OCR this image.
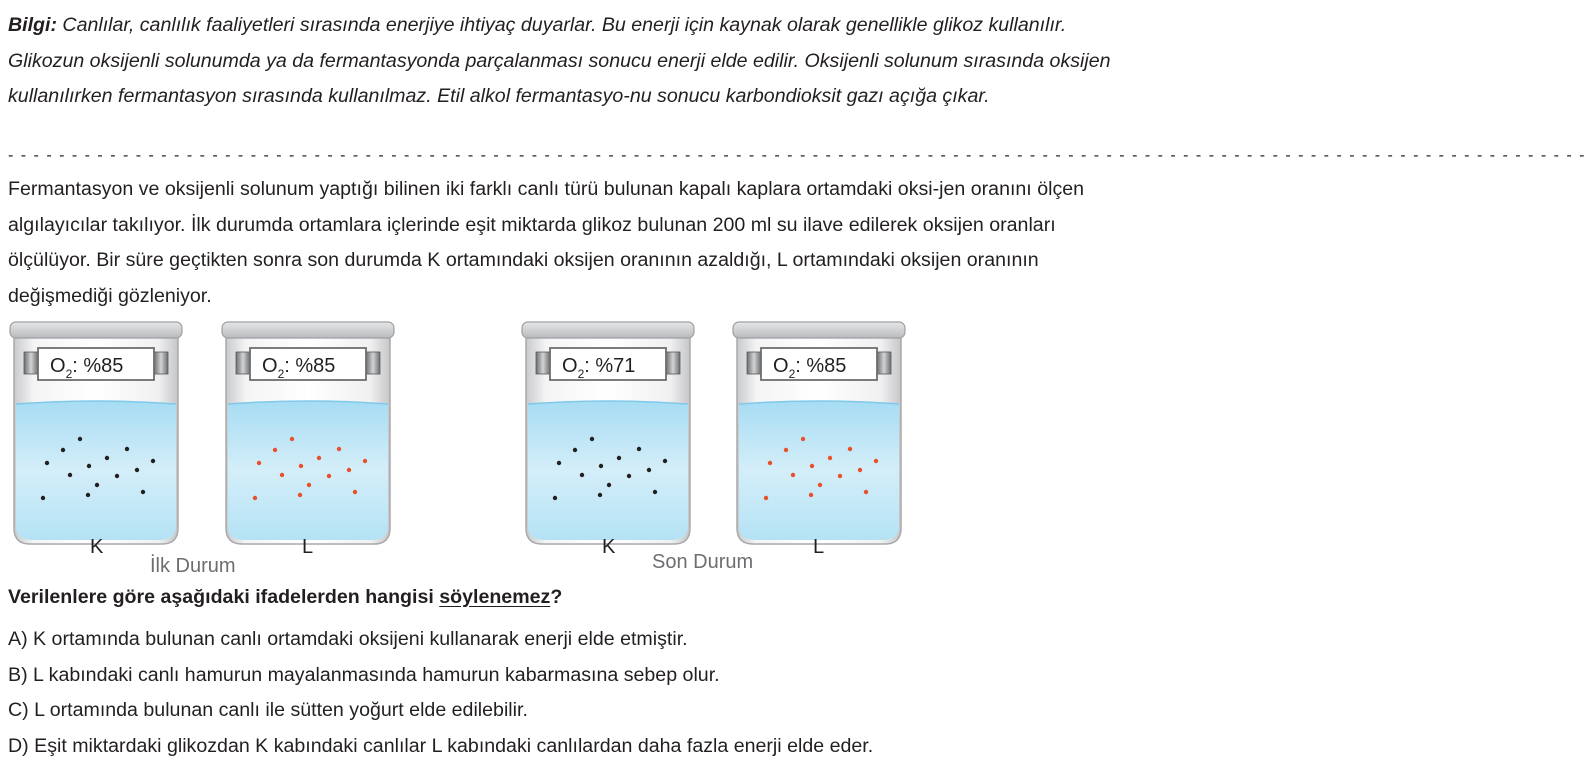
Bilgi: Canlılar, canlılık faaliyetleri sırasında enerjiye ihtiyaç duyarlar. Bu enerji için kaynak olarak genellikle glikoz kullanılır. Glikozun oksijenli solunumda ya da fermantasyonda parçalanması sonucu enerji elde edilir. Oksijenli solunum sırasında oksijen kullanılırken fermantasyon sırasında kullanılmaz. Etil alkol fermantasyo-nu sonucu karbondioksit gazı açığa çıkar.

- - - - - - - - - - - - - - - - - - - - - - - - - - - - - - - - - - - - - - - - - - - - - - - - - - - - - - - - - - - - - - - - - - - - - - - - - - - - - - - - - - - - - - - - - - - - - - - - - - - - - - - - - - - - - - - - - - - - - - - - - - - -

Fermantasyon ve oksijenli solunum yaptığı bilinen iki farklı canlı türü bulunan kapalı kaplara ortamdaki oksi-jen oranını ölçen algılayıcılar takılıyor. İlk durumda ortamlara içlerinde eşit miktarda glikoz bulunan 200 ml su ilave edilerek oksijen oranları ölçülüyor. Bir süre geçtikten sonra son durumda K ortamındaki oksijen oranının azaldığı, L ortamındaki oksijen oranının değişmediği gözleniyor.

$O_2$: %85
K
$O_2$: %85
L
$O_2$: %71
K
$O_2$: %85
L
İlk Durum	Son Durum

Verilenlere göre aşağıdaki ifadelerden hangisi söylenemez?

A) K ortamında bulunan canlı ortamdaki oksijeni kullanarak enerji elde etmiştir.
B) L kabındaki canlı hamurun mayalanmasında hamurun kabarmasına sebep olur.
C) L ortamında bulunan canlı ile sütten yoğurt elde edilebilir.
D) Eşit miktardaki glikozdan K kabındaki canlılar L kabındaki canlılardan daha fazla enerji elde eder.
